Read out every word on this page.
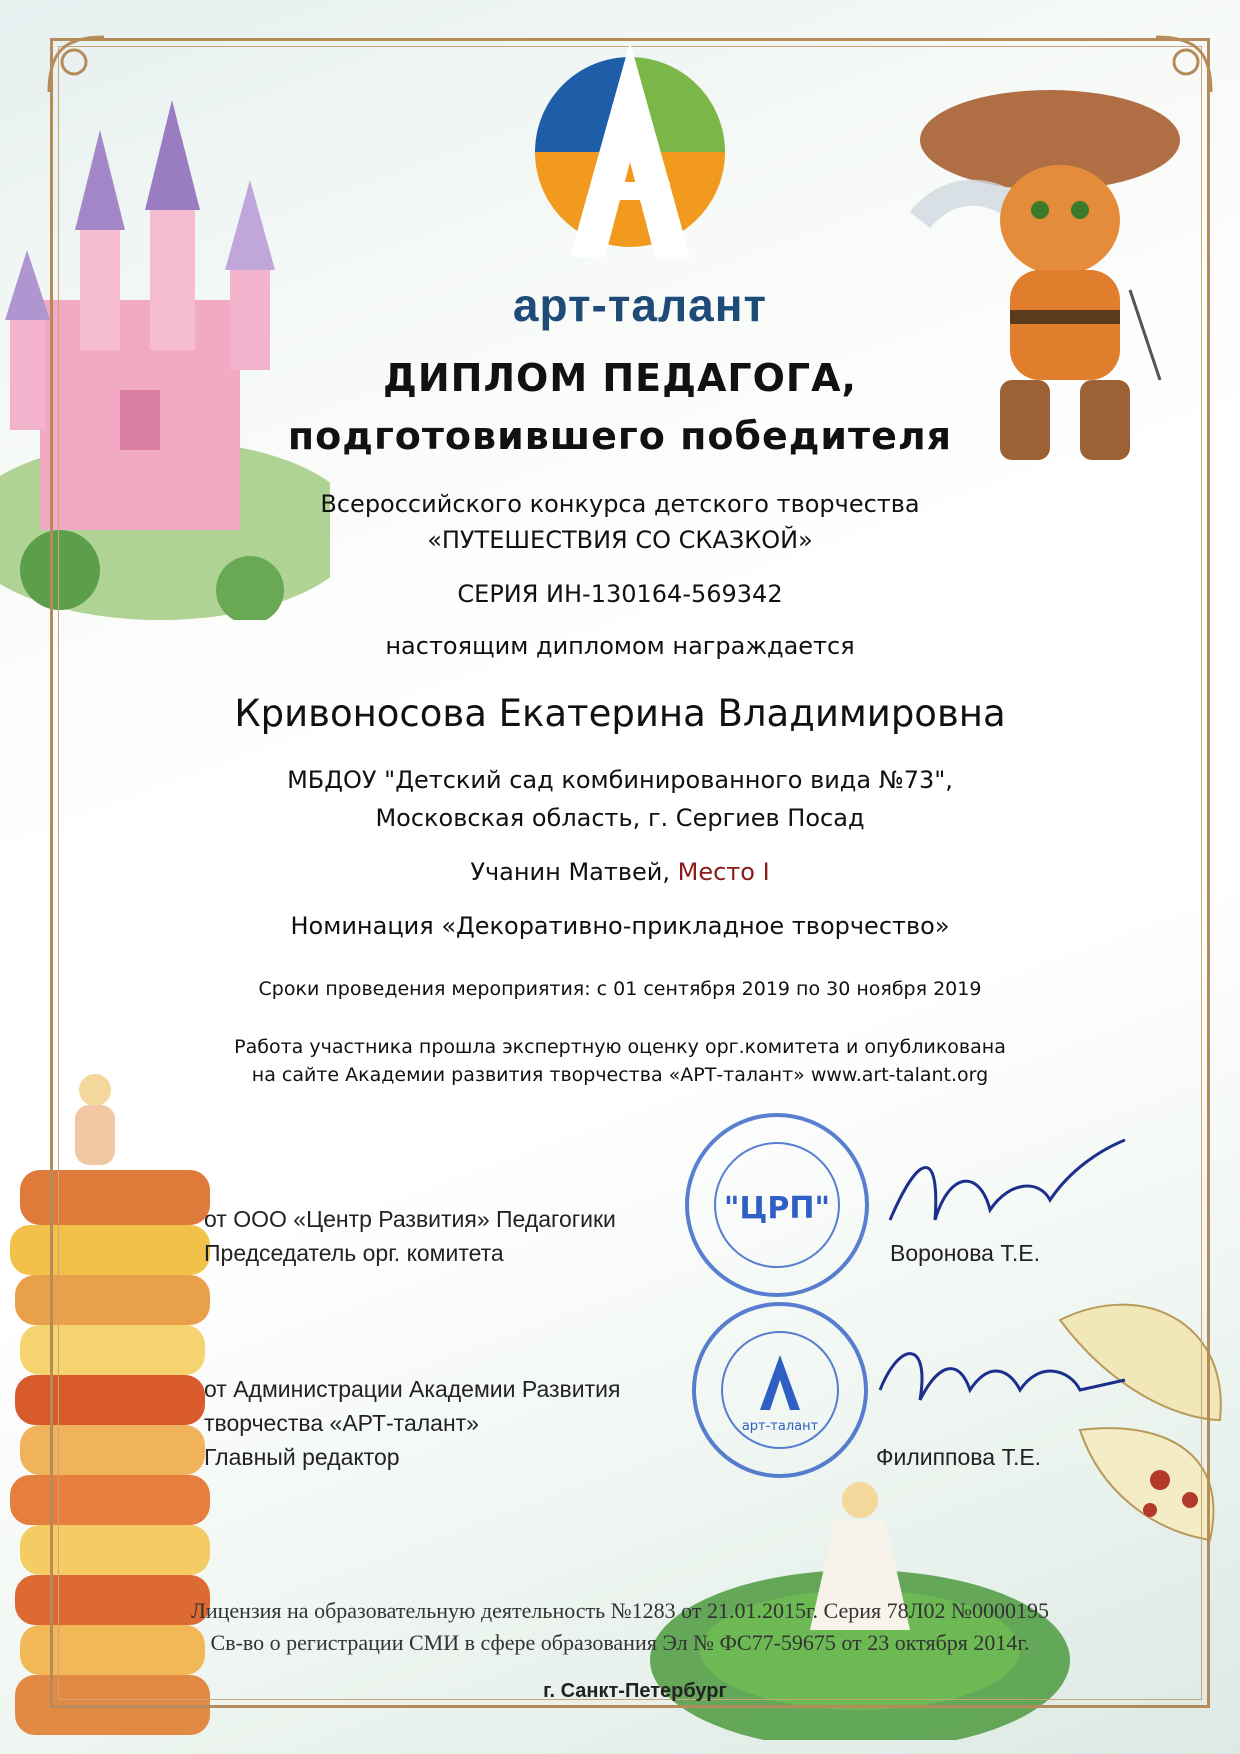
арт-талант
ДИПЛОМ ПЕДАГОГА,
подготовившего победителя
Всероссийского конкурса детского творчества
«ПУТЕШЕСТВИЯ СО СКАЗКОЙ»
СЕРИЯ ИН-130164-569342
настоящим дипломом награждается
Кривоносова Екатерина Владимировна
МБДОУ "Детский сад комбинированного вида №73",
Московская область, г. Сергиев Посад
Учанин Матвей, Место I
Номинация «Декоративно-прикладное творчество»
Сроки проведения мероприятия: с 01 сентября 2019 по 30 ноября 2019
Работа участника прошла экспертную оценку орг.комитета и опубликована
на сайте Академии развития творчества «АРТ-талант» www.art-talant.org
от ООО «Центр Развития» Педагогики
Председатель орг. комитета
"ЦРП"
Воронова Т.Е.
от Администрации Академии Развития
творчества «АРТ-талант»
Главный редактор
арт-талант
Филиппова Т.Е.
Лицензия на образовательную деятельность №1283 от 21.01.2015г. Серия 78Л02 №0000195
Св-во о регистрации СМИ в сфере образования Эл № ФС77-59675 от 23 октября 2014г.
г. Санкт-Петербург
